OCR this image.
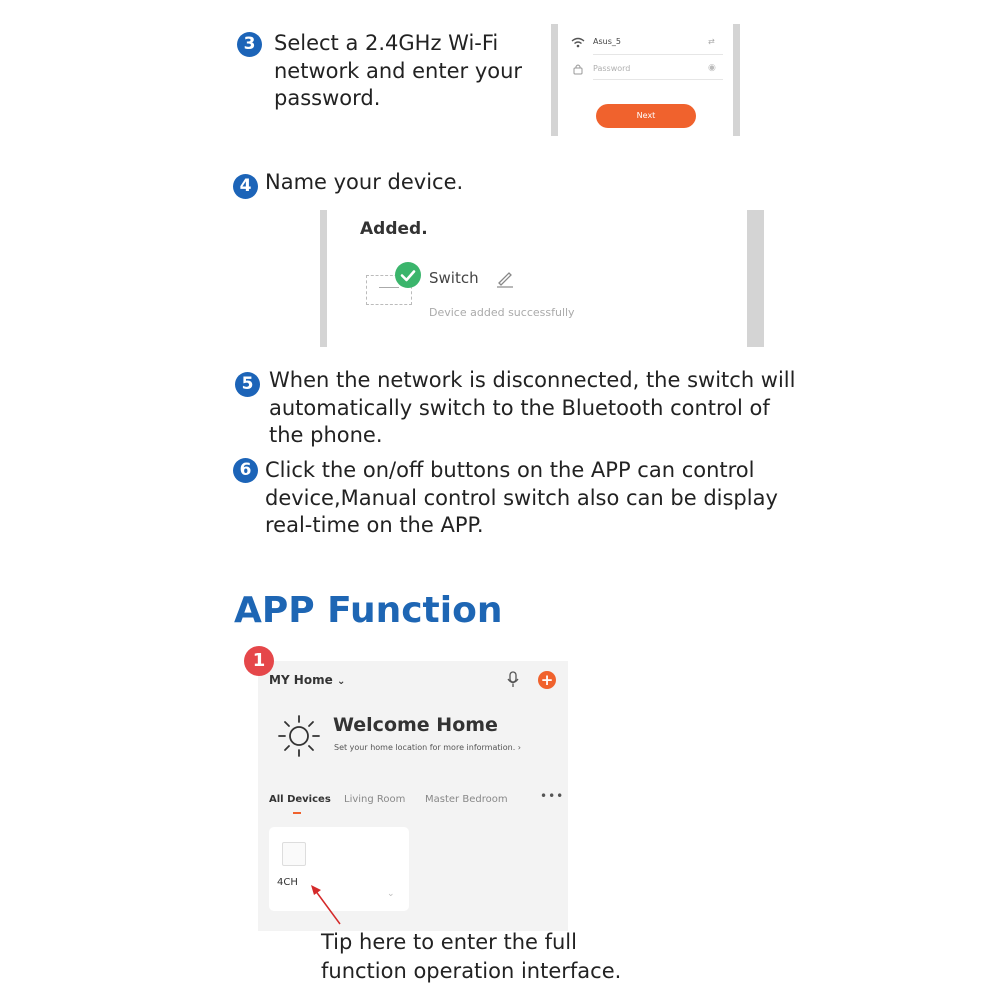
3 Select a 2.4GHz Wi-Fi
network and enter your
password.
Asus_5	⇄
Password	◉
Next
4 Name your device.
Added.
Switch
Device added successfully
5 When the network is disconnected, the switch will
automatically switch to the Bluetooth control of
the phone.
6 Click the on/off buttons on the APP can control
device,Manual control switch also can be display
real-time on the APP.
APP Function
MY Home ⌄	+
Welcome Home
Set your home location for more information. ›
All Devices Living Room Master Bedroom	•••
4CH
⌄
1
Tip here to enter the full
function operation interface.
